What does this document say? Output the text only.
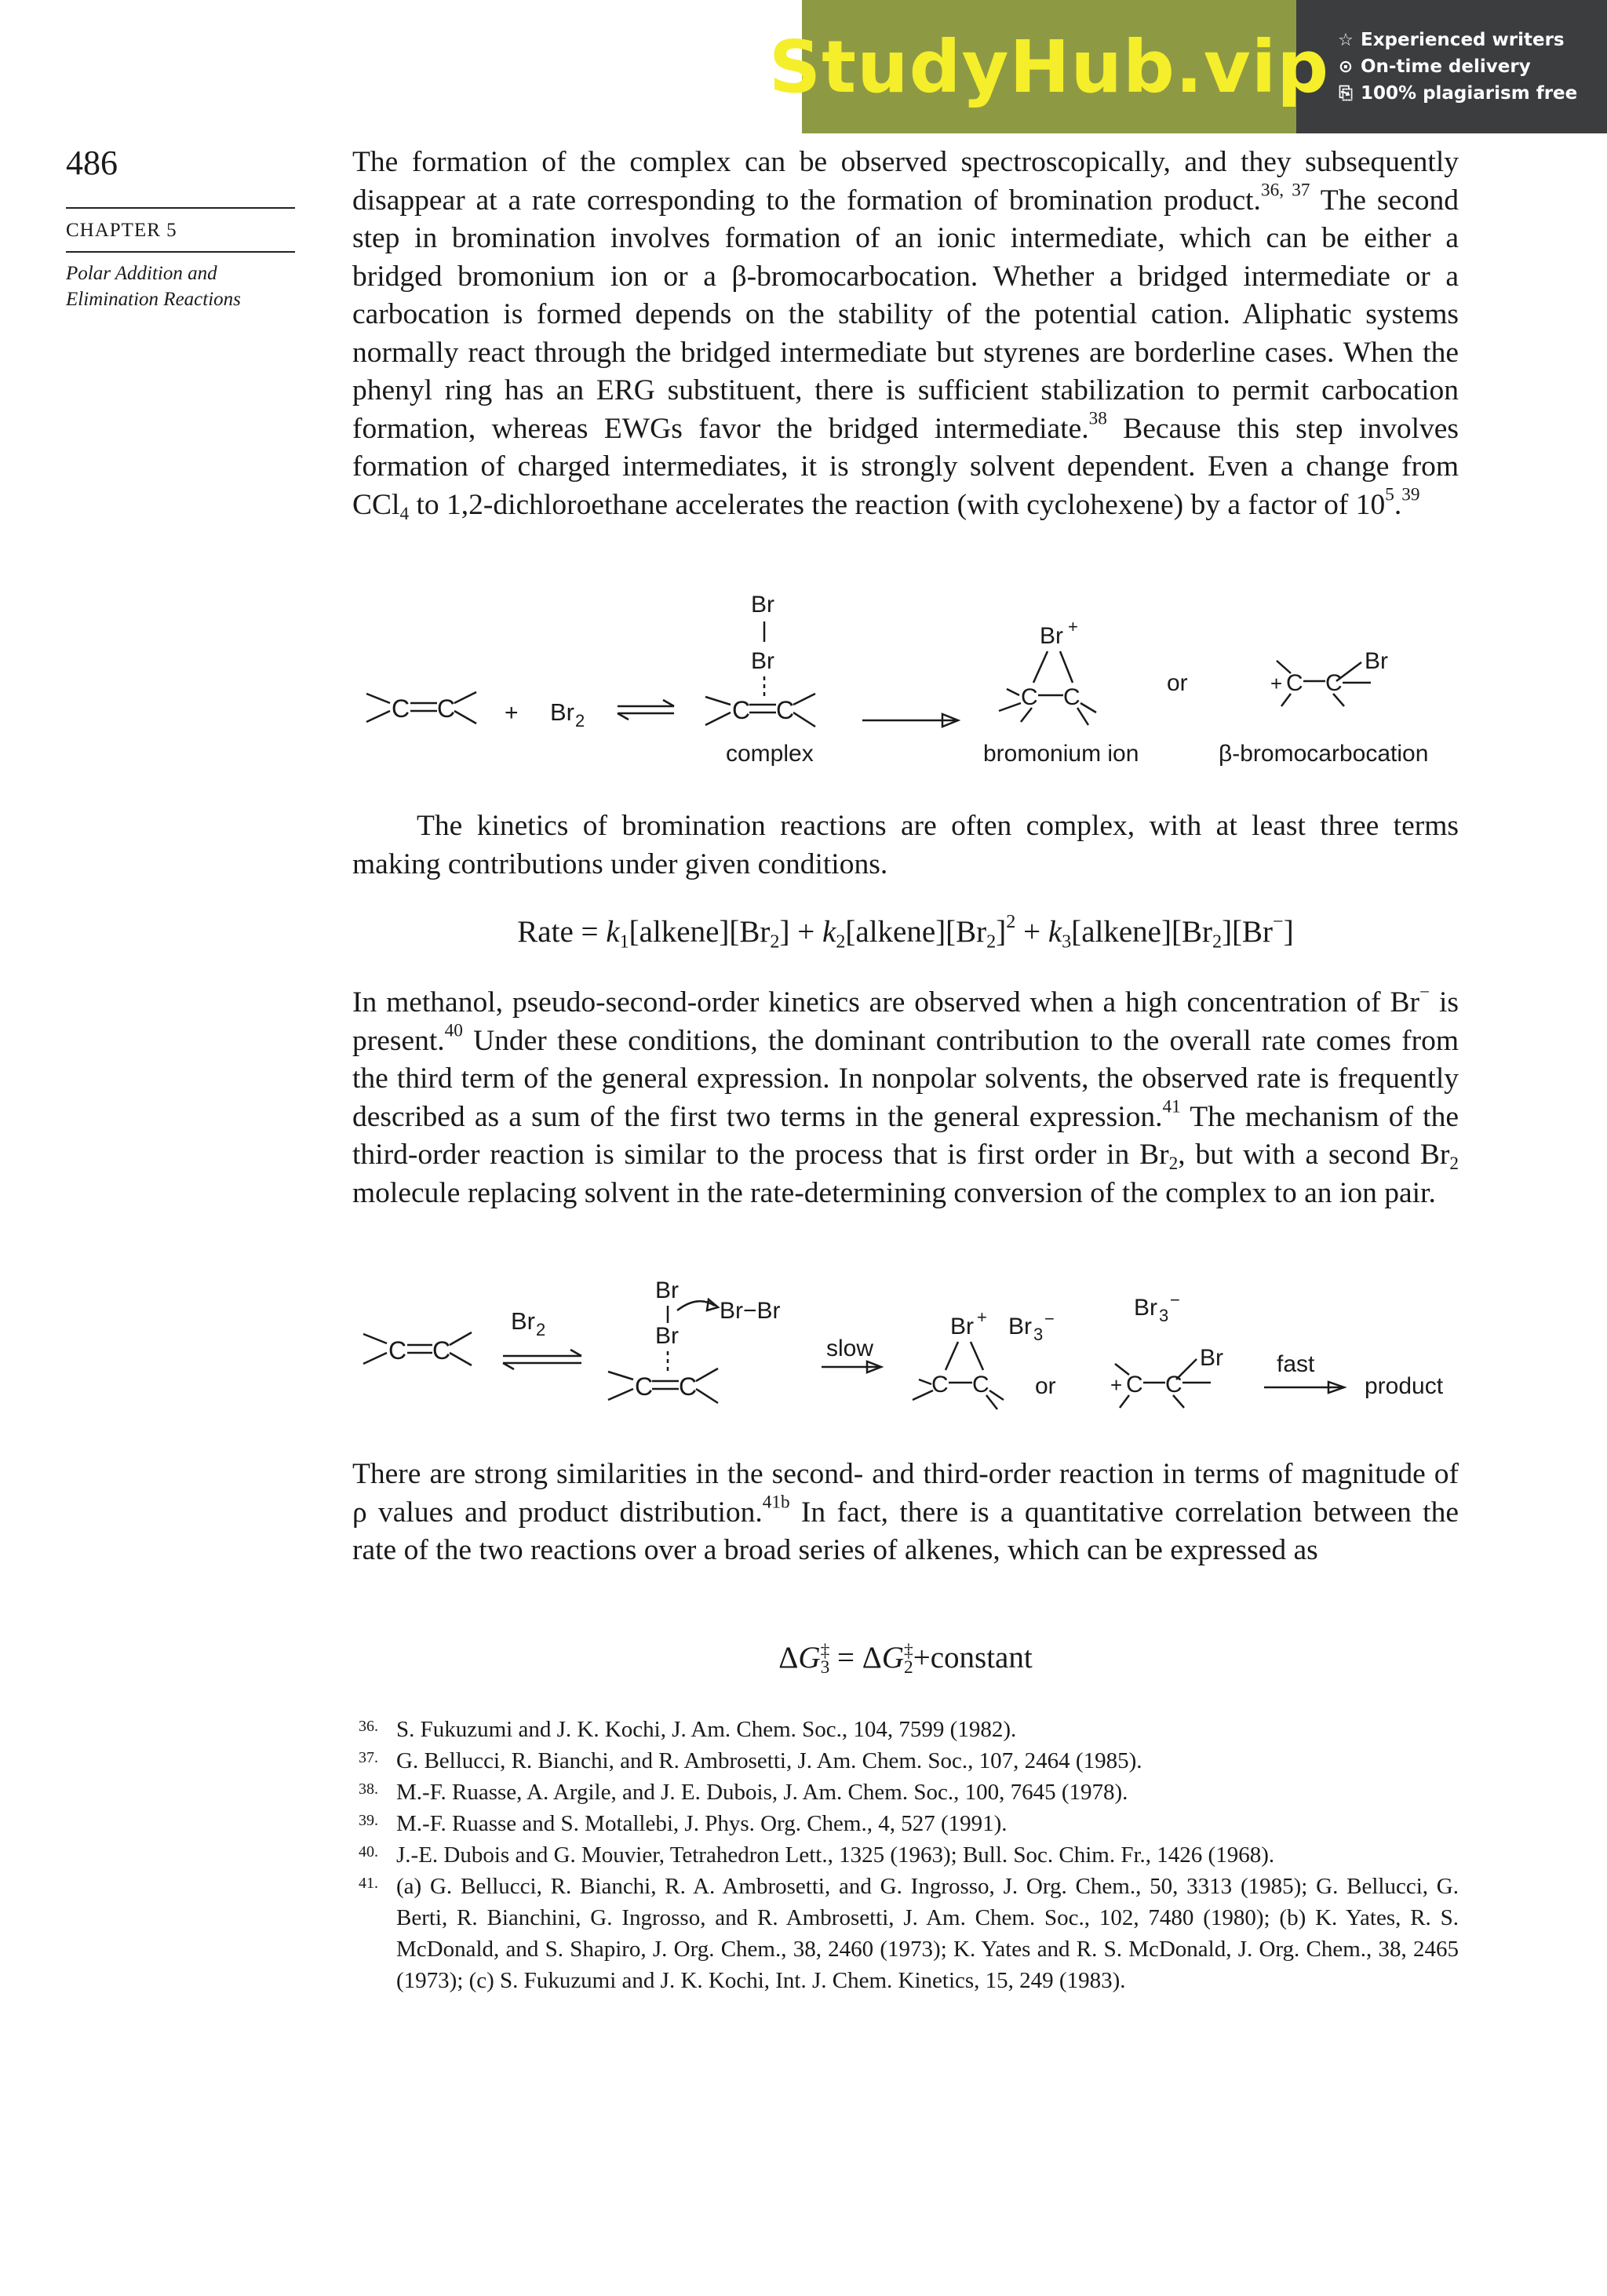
StudyHub.vip ☆ Experienced writers
⊙ On-time delivery
⎘ 100% plagiarism free
486
CHAPTER 5
Polar Addition and Elimination Reactions

The formation of the complex can be observed spectroscopically, and they subsequently disappear at a rate corresponding to the formation of bromination product.$^{36, 37}$ The second step in bromination involves formation of an ionic intermediate, which can be either a bridged bromonium ion or a β-bromocarbocation. Whether a bridged intermediate or a carbocation is formed depends on the stability of the potential cation. Aliphatic systems normally react through the bridged intermediate but styrenes are borderline cases. When the phenyl ring has an ERG substituent, there is sufficient stabilization to permit carbocation formation, whereas EWGs favor the bridged intermediate.$^{38}$ Because this step involves formation of charged intermediates, it is strongly solvent dependent. Even a change from CCl$_4$ to 1,2-dichloroethane accelerates the reaction (with cyclohexene) by a factor of $10^5.^{39}$

C C + Br 2
Br
Br
C C
complex
Br +
C C
bromonium ion
or
Br
+ C C
β-bromocarbocation

The kinetics of bromination reactions are often complex, with at least three terms making contributions under given conditions.

Rate = $k_1[alkene][Br_2]$ + $k_2[alkene][Br_2]^2$ + $k_3[alkene][Br_2][Br^-]$

In methanol, pseudo-second-order kinetics are observed when a high concentration of Br− is present.$^{40}$ Under these conditions, the dominant contribution to the overall rate comes from the third term of the general expression. In nonpolar solvents, the observed rate is frequently described as a sum of the first two terms in the general expression.$^{41}$ The mechanism of the third-order reaction is similar to the process that is first order in $Br_2$, but with a second $Br_2$ molecule replacing solvent in the rate-determining conversion of the complex to an ion pair.

C C
Br 2
Br
Br−Br
Br
C C
slow
Br + Br 3
−
C C or
Br 3
−
Br
+ C C
fast
product

There are strong similarities in the second- and third-order reaction in terms of magnitude of ρ values and product distribution.$^{41b}$ In fact, there is a quantitative correlation between the rate of the two reactions over a broad series of alkenes, which can be expressed as

ΔG ‡
3 = ΔG ‡
2 +constant
36. S. Fukuzumi and J. K. Kochi, J. Am. Chem. Soc., 104, 7599 (1982).
37. G. Bellucci, R. Bianchi, and R. Ambrosetti, J. Am. Chem. Soc., 107, 2464 (1985).
38. M.-F. Ruasse, A. Argile, and J. E. Dubois, J. Am. Chem. Soc., 100, 7645 (1978).
39. M.-F. Ruasse and S. Motallebi, J. Phys. Org. Chem., 4, 527 (1991).
40. J.-E. Dubois and G. Mouvier, Tetrahedron Lett., 1325 (1963); Bull. Soc. Chim. Fr., 1426 (1968).
41. (a) G. Bellucci, R. Bianchi, R. A. Ambrosetti, and G. Ingrosso, J. Org. Chem., 50, 3313 (1985); G. Bellucci, G. Berti, R. Bianchini, G. Ingrosso, and R. Ambrosetti, J. Am. Chem. Soc., 102, 7480 (1980); (b) K. Yates, R. S. McDonald, and S. Shapiro, J. Org. Chem., 38, 2460 (1973); K. Yates and R. S. McDonald, J. Org. Chem., 38, 2465 (1973); (c) S. Fukuzumi and J. K. Kochi, Int. J. Chem. Kinetics, 15, 249 (1983).
